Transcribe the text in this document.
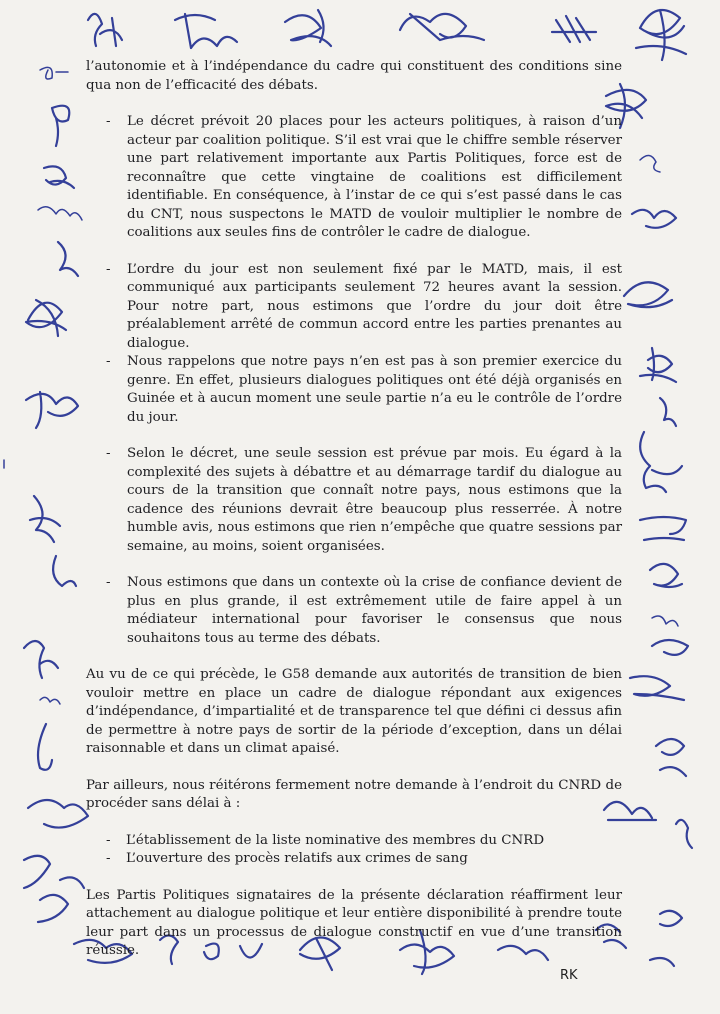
l’autonomie et à l’indépendance du cadre qui constituent des conditions sine qua non de l’efficacité des débats.

- Le décret prévoit 20 places pour les acteurs politiques, à raison d’un acteur par coalition politique. S’il est vrai que le chiffre semble réserver une part relativement importante aux Partis Politiques, force est de reconnaître que cette vingtaine de coalitions est difficilement identifiable. En conséquence, à l’instar de ce qui s’est passé dans le cas du CNT, nous suspectons le MATD de vouloir multiplier le nombre de coalitions aux seules fins de contrôler le cadre de dialogue.

- L’ordre du jour est non seulement fixé par le MATD, mais, il est communiqué aux participants seulement 72 heures avant la session. Pour notre part, nous estimons que l’ordre du jour doit être préalablement arrêté de commun accord entre les parties prenantes au dialogue.

- Nous rappelons que notre pays n’en est pas à son premier exercice du genre. En effet, plusieurs dialogues politiques ont été déjà organisés en Guinée et à aucun moment une seule partie n’a eu le contrôle de l’ordre du jour.

- Selon le décret, une seule session est prévue par mois. Eu égard à la complexité des sujets à débattre et au démarrage tardif du dialogue au cours de la transition que connaît notre pays, nous estimons que la cadence des réunions devrait être beaucoup plus resserrée. À notre humble avis, nous estimons que rien n’empêche que quatre sessions par semaine, au moins, soient organisées.

- Nous estimons que dans un contexte où la crise de confiance devient de plus en plus grande, il est extrêmement utile de faire appel à un médiateur international pour favoriser le consensus que nous souhaitons tous au terme des débats.

Au vu de ce qui précède, le G58 demande aux autorités de transition de bien vouloir mettre en place un cadre de dialogue répondant aux exigences d’indépendance, d’impartialité et de transparence tel que défini ci dessus afin de permettre à notre pays de sortir de la période d’exception, dans un délai raisonnable et dans un climat apaisé.

Par ailleurs, nous réitérons fermement notre demande à l’endroit du CNRD de procéder sans délai à :

- L’établissement de la liste nominative des membres du CNRD
- L’ouverture des procès relatifs aux crimes de sang

Les Partis Politiques signataires de la présente déclaration réaffirment leur attachement au dialogue politique et leur entière disponibilité à prendre toute leur part dans un processus de dialogue constructif en vue d’une transition réussie.

RK
